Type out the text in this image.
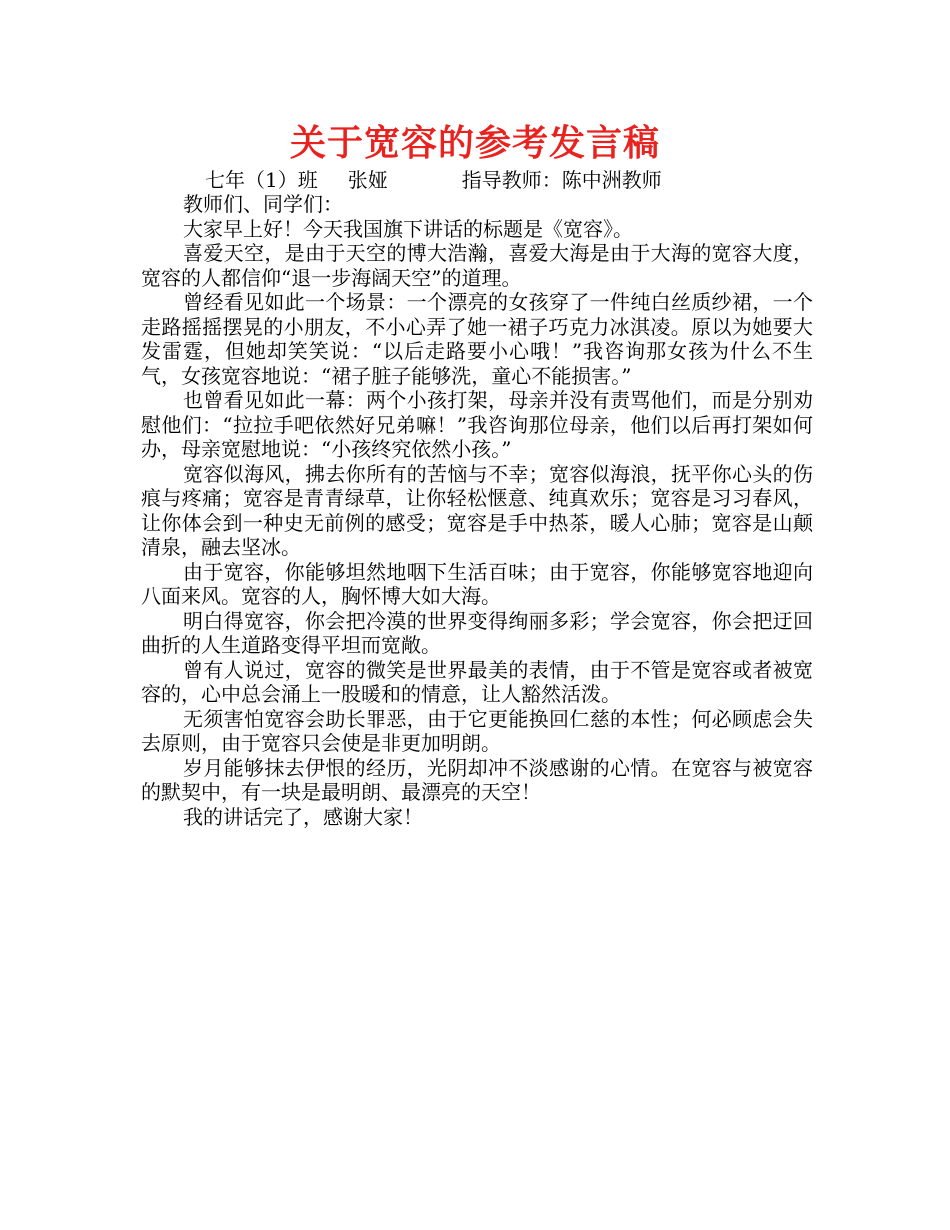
关于宽容的参考发言稿
七年（1）班 张娅	指导教师：陈中洲教师

教师们、同学们：

大家早上好！今天我国旗下讲话的标题是《宽容》。

喜爱天空，是由于天空的博大浩瀚，喜爱大海是由于大海的宽容大度，宽容的人都信仰“退一步海阔天空”的道理。

曾经看见如此一个场景：一个漂亮的女孩穿了一件纯白丝质纱裙，一个走路摇摇摆晃的小朋友，不小心弄了她一裙子巧克力冰淇凌。原以为她要大发雷霆，但她却笑笑说：“以后走路要小心哦！”我咨询那女孩为什么不生气，女孩宽容地说：“裙子脏子能够洗，童心不能损害。”

也曾看见如此一幕：两个小孩打架，母亲并没有责骂他们，而是分别劝慰他们：“拉拉手吧依然好兄弟嘛！”我咨询那位母亲，他们以后再打架如何办，母亲宽慰地说：“小孩终究依然小孩。”

宽容似海风，拂去你所有的苦恼与不幸；宽容似海浪，抚平你心头的伤痕与疼痛；宽容是青青绿草，让你轻松惬意、纯真欢乐；宽容是习习春风，让你体会到一种史无前例的感受；宽容是手中热茶，暖人心肺；宽容是山颠清泉，融去坚冰。

由于宽容，你能够坦然地咽下生活百味；由于宽容，你能够宽容地迎向八面来风。宽容的人，胸怀博大如大海。

明白得宽容，你会把冷漠的世界变得绚丽多彩；学会宽容，你会把迂回曲折的人生道路变得平坦而宽敞。

曾有人说过，宽容的微笑是世界最美的表情，由于不管是宽容或者被宽容的，心中总会涌上一股暖和的情意，让人豁然活泼。

无须害怕宽容会助长罪恶，由于它更能换回仁慈的本性；何必顾虑会失去原则，由于宽容只会使是非更加明朗。

岁月能够抹去伊恨的经历，光阴却冲不淡感谢的心情。在宽容与被宽容的默契中，有一块是最明朗、最漂亮的天空！

我的讲话完了，感谢大家！
